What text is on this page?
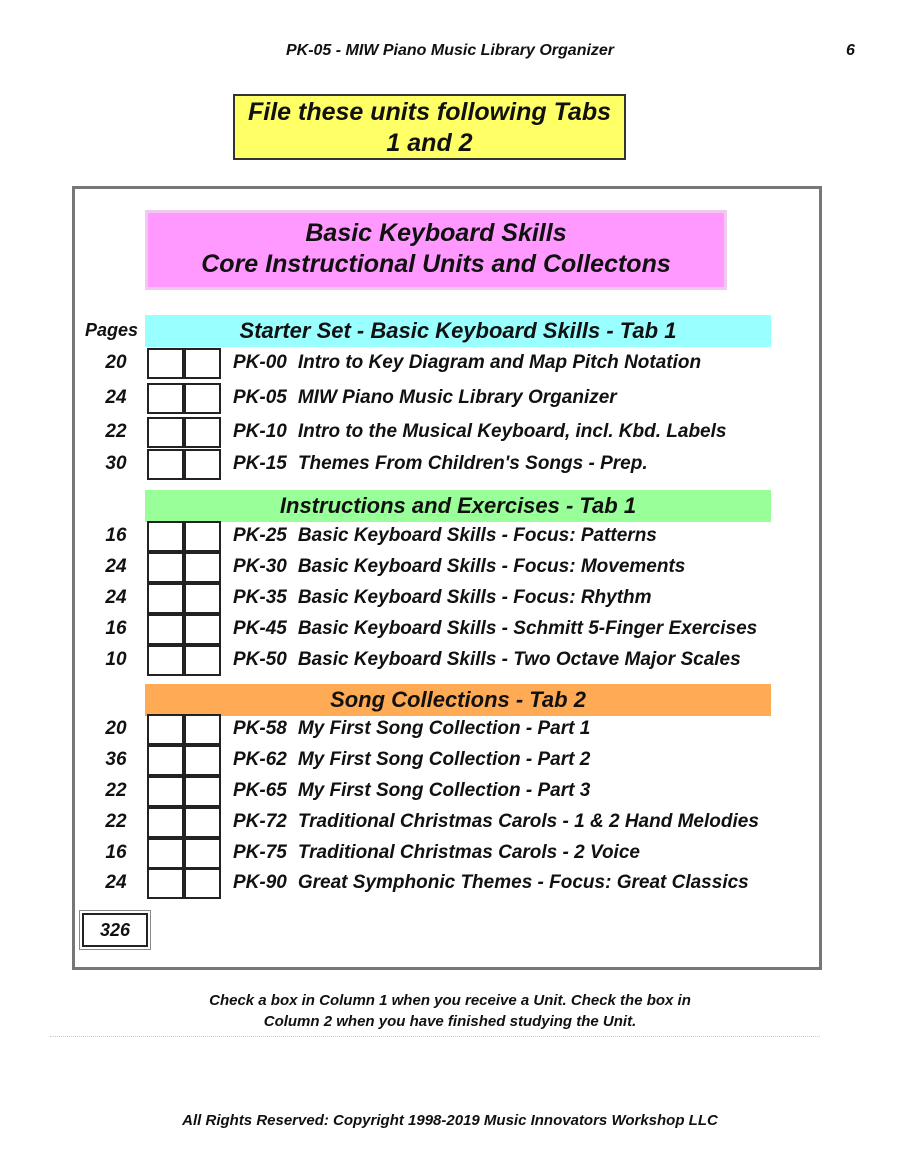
PK-05 - MIW Piano Music Library Organizer	6
File these units following Tabs
1 and 2
Basic Keyboard Skills
Core Instructional Units and Collectons
Pages	Starter Set - Basic Keyboard Skills - Tab 1
20	PK-00 Intro to Key Diagram and Map Pitch Notation
24	PK-05 MIW Piano Music Library Organizer
22	PK-10 Intro to the Musical Keyboard, incl. Kbd. Labels
30	PK-15 Themes From Children's Songs - Prep.
Instructions and Exercises - Tab 1
16	PK-25 Basic Keyboard Skills - Focus: Patterns
24	PK-30 Basic Keyboard Skills - Focus: Movements
24	PK-35 Basic Keyboard Skills - Focus: Rhythm
16	PK-45 Basic Keyboard Skills - Schmitt 5-Finger Exercises
10	PK-50 Basic Keyboard Skills - Two Octave Major Scales
Song Collections - Tab 2
20	PK-58 My First Song Collection - Part 1
36	PK-62 My First Song Collection - Part 2
22	PK-65 My First Song Collection - Part 3
22	PK-72 Traditional Christmas Carols - 1 & 2 Hand Melodies
16	PK-75 Traditional Christmas Carols - 2 Voice
24	PK-90 Great Symphonic Themes - Focus: Great Classics
326
Check a box in Column 1 when you receive a Unit. Check the box in
Column 2 when you have finished studying the Unit.
All Rights Reserved: Copyright 1998-2019 Music Innovators Workshop LLC
